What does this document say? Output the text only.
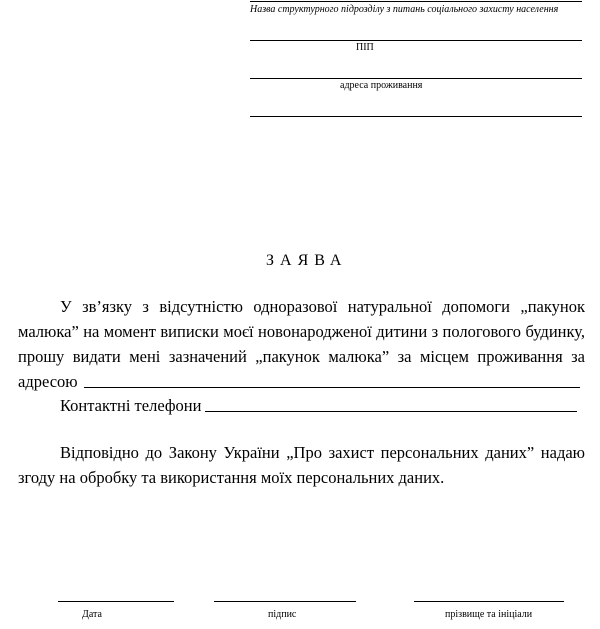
Назва структурного підрозділу з питань соціального захисту населення
ПІП
адреса проживання
ЗАЯВА
У зв’язку з відсутністю одноразової натуральної допомоги „пакунок
малюка” на момент виписки моєї новонародженої дитини з пологового будинку,
прошу видати мені зазначений „пакунок малюка” за місцем проживання за
адресою
Контактні телефони
Відповідно до Закону України „Про захист персональних даних” надаю
згоду на обробку та використання моїх персональних даних.
Дата	підпис	прізвище та ініціали
